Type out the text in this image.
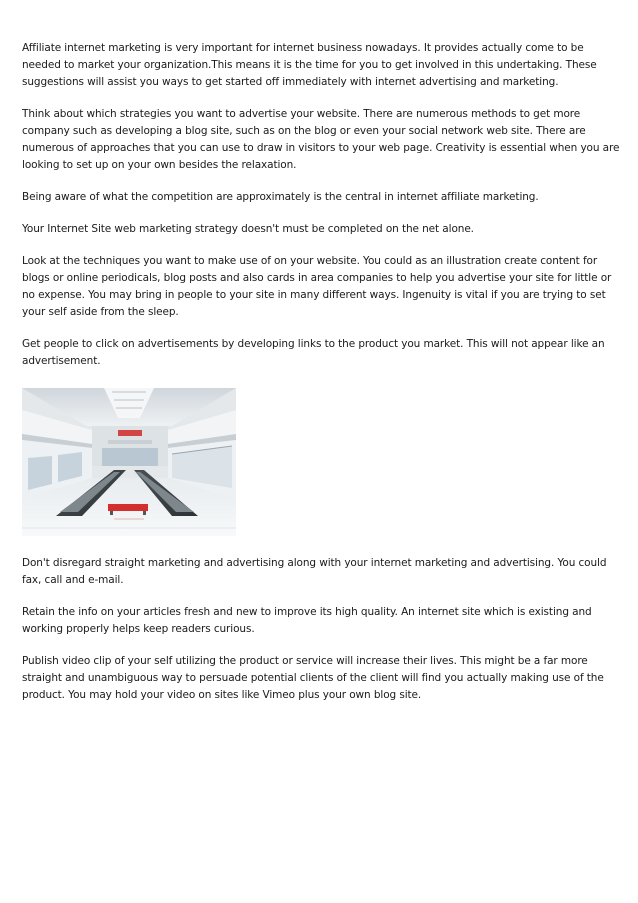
Affiliate internet marketing is very important for internet business nowadays. It provides actually come to be needed to market your organization.This means it is the time for you to get involved in this undertaking. These suggestions will assist you ways to get started off immediately with internet advertising and marketing.

Think about which strategies you want to advertise your website. There are numerous methods to get more company such as developing a blog site, such as on the blog or even your social network web site. There are numerous of approaches that you can use to draw in visitors to your web page. Creativity is essential when you are looking to set up on your own besides the relaxation.

Being aware of what the competition are approximately is the central in internet affiliate marketing.

Your Internet Site web marketing strategy doesn't must be completed on the net alone.

Look at the techniques you want to make use of on your website. You could as an illustration create content for blogs or online periodicals, blog posts and also cards in area companies to help you advertise your site for little or no expense. You may bring in people to your site in many different ways. Ingenuity is vital if you are trying to set your self aside from the sleep.

Get people to click on advertisements by developing links to the product you market. This will not appear like an advertisement.

Don't disregard straight marketing and advertising along with your internet marketing and advertising. You could fax, call and e-mail.

Retain the info on your articles fresh and new to improve its high quality. An internet site which is existing and working properly helps keep readers curious.

Publish video clip of your self utilizing the product or service will increase their lives. This might be a far more straight and unambiguous way to persuade potential clients of the client will find you actually making use of the product. You may hold your video on sites like Vimeo plus your own blog site.
